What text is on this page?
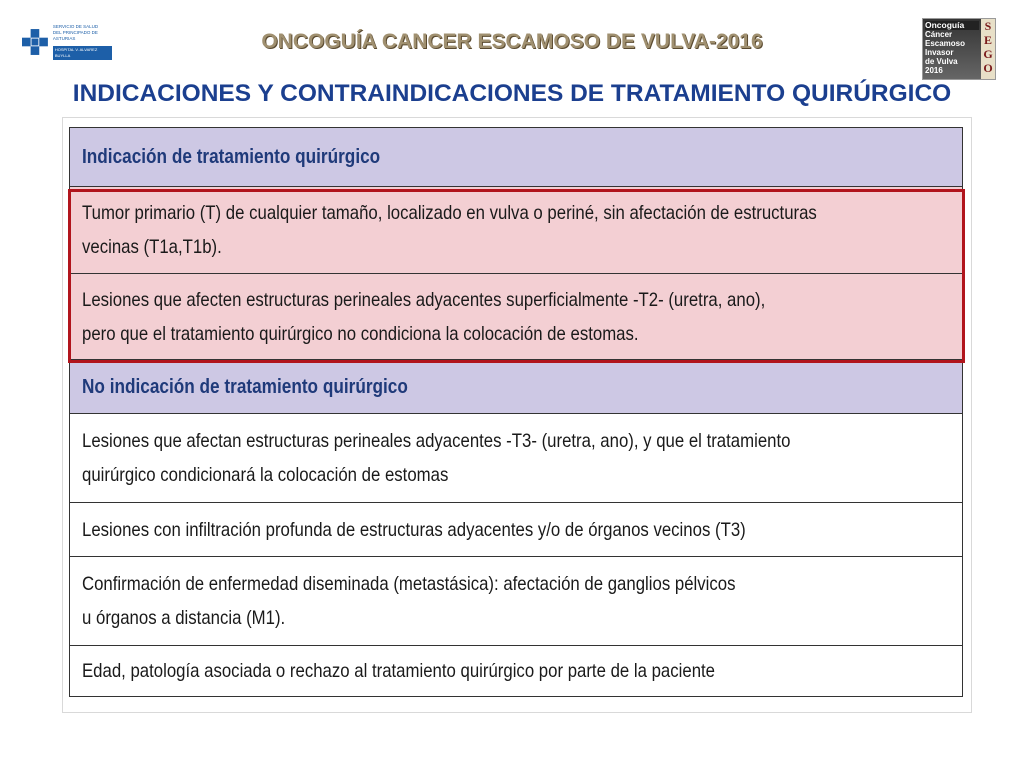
SERVICIO DE SALUD
DEL PRINCIPADO DE ASTURIAS
HOSPITAL V. ALVAREZ BUYLLA
ONCOGUÍA CANCER ESCAMOSO DE VULVA-2016
INDICACIONES Y CONTRAINDICACIONES DE TRATAMIENTO QUIRÚRGICO
Oncoguía
Cáncer
Escamoso
Invasor
de Vulva
2016
S
E
G
O
Indicación de tratamiento quirúrgico
Tumor primario (T) de cualquier tamaño, localizado en vulva o periné, sin afectación de estructuras
vecinas (T1a,T1b).
Lesiones que afecten estructuras perineales adyacentes superficialmente -T2- (uretra, ano),
pero que el tratamiento quirúrgico no condiciona la colocación de estomas.
No indicación de tratamiento quirúrgico
Lesiones que afectan estructuras perineales adyacentes -T3- (uretra, ano), y que el tratamiento
quirúrgico condicionará la colocación de estomas
Lesiones con infiltración profunda de estructuras adyacentes y/o de órganos vecinos (T3)
Confirmación de enfermedad diseminada (metastásica): afectación de ganglios pélvicos
u órganos a distancia (M1).
Edad, patología asociada o rechazo al tratamiento quirúrgico por parte de la paciente
